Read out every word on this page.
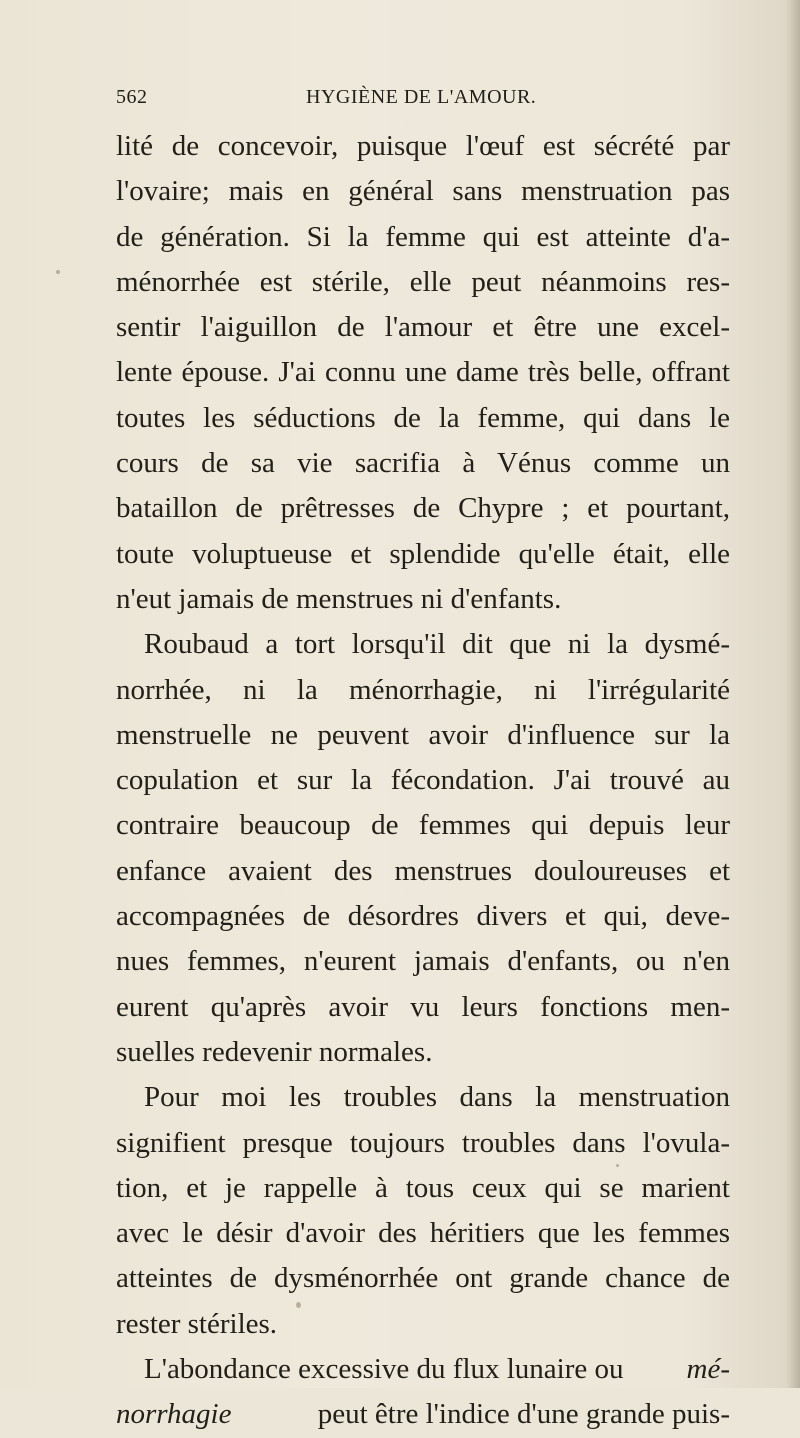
562	HYGIÈNE DE L'AMOUR.
lité de concevoir, puisque l'œuf est sécrété par
l'ovaire; mais en général sans menstruation pas
de génération. Si la femme qui est atteinte d'a-
ménorrhée est stérile, elle peut néanmoins res-
sentir l'aiguillon de l'amour et être une excel-
lente épouse. J'ai connu une dame très belle, offrant
toutes les séductions de la femme, qui dans le
cours de sa vie sacrifia à Vénus comme un
bataillon de prêtresses de Chypre ; et pourtant,
toute voluptueuse et splendide qu'elle était, elle
n'eut jamais de menstrues ni d'enfants.
Roubaud a tort lorsqu'il dit que ni la dysmé-
norrhée, ni la ménorrhagie, ni l'irrégularité
menstruelle ne peuvent avoir d'influence sur la
copulation et sur la fécondation. J'ai trouvé au
contraire beaucoup de femmes qui depuis leur
enfance avaient des menstrues douloureuses et
accompagnées de désordres divers et qui, deve-
nues femmes, n'eurent jamais d'enfants, ou n'en
eurent qu'après avoir vu leurs fonctions men-
suelles redevenir normales.
Pour moi les troubles dans la menstruation
signifient presque toujours troubles dans l'ovula-
tion, et je rappelle à tous ceux qui se marient
avec le désir d'avoir des héritiers que les femmes
atteintes de dysménorrhée ont grande chance de
rester stériles.
L'abondance excessive du flux lunaire ou mé-
norrhagie	peut être l'indice d'une grande puis-
